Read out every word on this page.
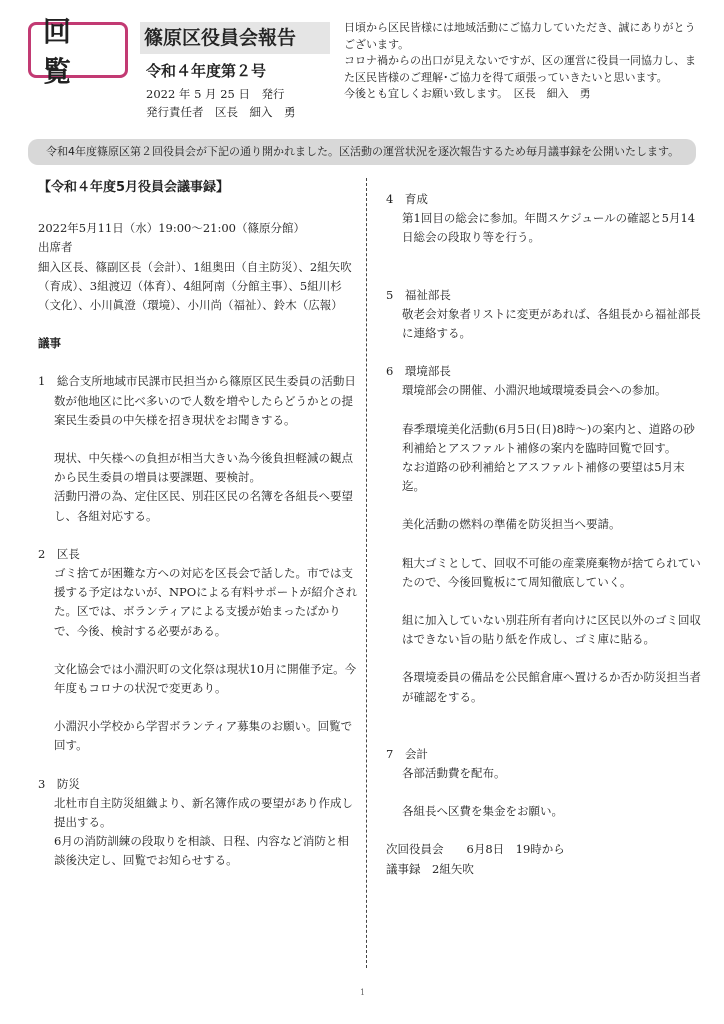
回 覧
篠原区役員会報告
令和４年度第２号
2022 年 5 月 25 日　発行
発行責任者　区長　細入　勇
日頃から区民皆様には地域活動にご協力していただき、誠にありがとうございます。
コロナ禍からの出口が見えないですが、区の運営に役員一同協力し、また区民皆様のご理解･ご協力を得て頑張っていきたいと思います。
今後とも宜しくお願い致します。　区長　細入　勇
令和4年度篠原区第２回役員会が下記の通り開かれました。区活動の運営状況を逐次報告するため毎月議事録を公開いたします。
【令和４年度5月役員会議事録】

2022年5月11日（水）19:00～21:00（篠原分館）

出席者

細入区長、篠副区長（会計）、1組奥田（自主防災）、2組矢吹（育成）、3組渡辺（体育）、4組阿南（分館主事）、5組川杉（文化）、小川眞澄（環境）、小川尚（福祉）、鈴木（広報）

議事

1　総合支所地域市民課市民担当から篠原区民生委員の活動日数が他地区に比べ多いので人数を増やしたらどうかとの提案民生委員の中矢様を招き現状をお聞きする。

現状、中矢様への負担が相当大きい為今後負担軽減の観点から民生委員の増員は要課題、要検討。

活動円滑の為、定住区民、別荘区民の名簿を各組長へ要望し、各組対応する。

2　区長

ゴミ捨てが困難な方への対応を区長会で話した。市では支援する予定はないが、NPOによる有料サポートが紹介された。区では、ボランティアによる支援が始まったばかりで、今後、検討する必要がある。

文化協会では小淵沢町の文化祭は現状10月に開催予定。今年度もコロナの状況で変更あり。

小淵沢小学校から学習ボランティア募集のお願い。回覧で回す。

3　防災

北杜市自主防災組織より、新名簿作成の要望があり作成し提出する。

6月の消防訓練の段取りを相談、日程、内容など消防と相談後決定し、回覧でお知らせする。

4　育成

第1回目の総会に参加。年間スケジュールの確認と5月14日総会の段取り等を行う。

5　福祉部長

敬老会対象者リストに変更があれば、各組長から福祉部長に連絡する。

6　環境部長

環境部会の開催、小淵沢地域環境委員会への参加。

春季環境美化活動(6月5日(日)8時～)の案内と、道路の砂利補給とアスファルト補修の案内を臨時回覧で回す。

なお道路の砂利補給とアスファルト補修の要望は5月末迄。

美化活動の燃料の準備を防災担当へ要請。

粗大ゴミとして、回収不可能の産業廃棄物が捨てられていたので、今後回覧板にて周知徹底していく。

組に加入していない別荘所有者向けに区民以外のゴミ回収はできない旨の貼り紙を作成し、ゴミ庫に貼る。

各環境委員の備品を公民館倉庫へ置けるか否か防災担当者が確認をする。

7　会計

各部活動費を配布。

各組長へ区費を集金をお願い。

次回役員会　　6月8日　19時から

議事録　2組矢吹

1
